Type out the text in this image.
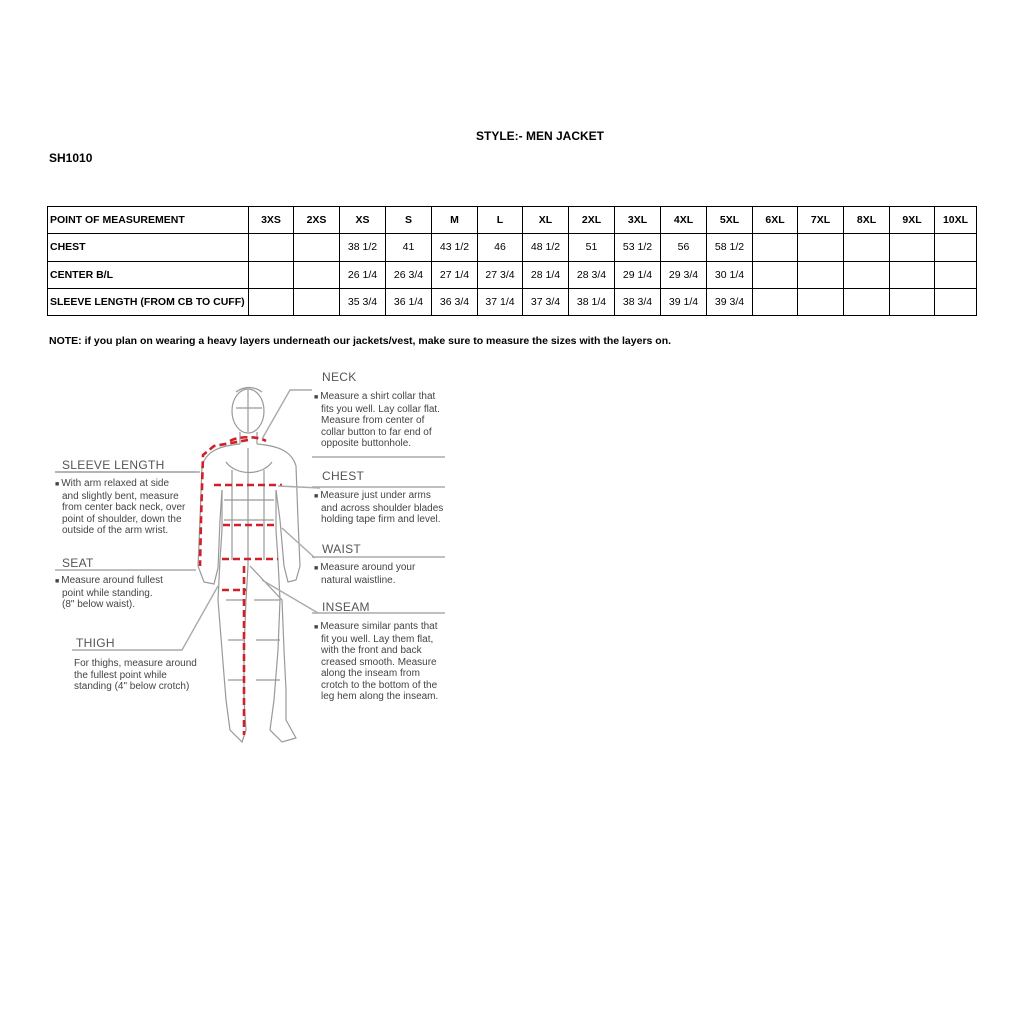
STYLE:- MEN JACKET
SH1010
POINT OF MEASUREMENT	3XS	2XS	XS	S	M	L	XL	2XL	3XL	4XL	5XL	6XL	7XL	8XL	9XL	10XL
CHEST			38 1/2	41	43 1/2	46	48 1/2	51	53 1/2	56	58 1/2					
CENTER B/L			26 1/4	26 3/4	27 1/4	27 3/4	28 1/4	28 3/4	29 1/4	29 3/4	30 1/4					
SLEEVE LENGTH (FROM CB TO CUFF)			35 3/4	36 1/4	36 3/4	37 1/4	37 3/4	38 1/4	38 3/4	39 1/4	39 3/4					
NOTE: if you plan on wearing a heavy layers underneath our jackets/vest, make sure to measure the sizes with the layers on.
NECK
■ Measure a shirt collar that
fits you well. Lay collar flat.
Measure from center of
collar button to far end of
opposite buttonhole.
CHEST
■ Measure just under arms
and across shoulder blades
holding tape firm and level.
WAIST
■ Measure around your
natural waistline.
INSEAM
■ Measure similar pants that
fit you well. Lay them flat,
with the front and back
creased smooth. Measure
along the inseam from
crotch to the bottom of the
leg hem along the inseam.
SLEEVE LENGTH
■ With arm relaxed at side
and slightly bent, measure
from center back neck, over
point of shoulder, down the
outside of the arm wrist.
SEAT
■ Measure around fullest
point while standing.
(8" below waist).
THIGH
For thighs, measure around
the fullest point while
standing (4" below crotch)
